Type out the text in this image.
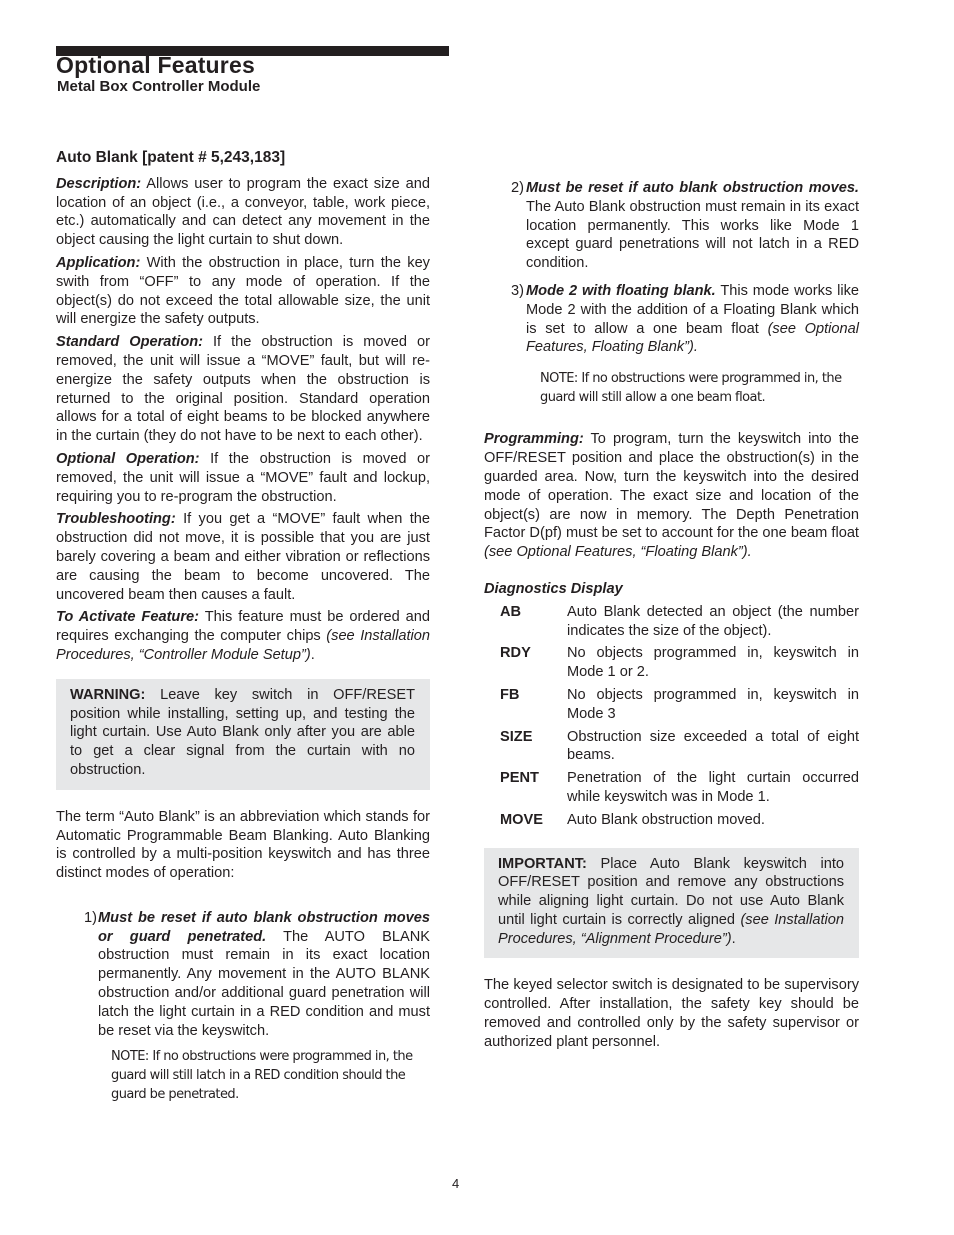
Optional Features
Metal Box Controller Module

Auto Blank [patent # 5,243,183]

Description: Allows user to program the exact size and location of an object (i.e., a conveyor, table, work piece, etc.) automatically and can detect any movement in the object causing the light curtain to shut down.

Application: With the obstruction in place, turn the key swith from “OFF” to any mode of operation. If the object(s) do not exceed the total allowable size, the unit will energize the safety outputs.

Standard Operation: If the obstruction is moved or removed, the unit will issue a “MOVE” fault, but will re-energize the safety outputs when the obstruction is returned to the original position. Standard operation allows for a total of eight beams to be blocked anywhere in the curtain (they do not have to be next to each other).

Optional Operation: If the obstruction is moved or removed, the unit will issue a “MOVE” fault and lockup, requiring you to re-program the obstruction.

Troubleshooting: If you get a “MOVE” fault when the obstruction did not move, it is possible that you are just barely covering a beam and either vibration or reflections are causing the beam to become uncovered. The uncovered beam then causes a fault.

To Activate Feature: This feature must be ordered and requires exchanging the computer chips (see Installation Procedures, “Controller Module Setup”).

WARNING: Leave key switch in OFF/RESET position while installing, setting up, and testing the light curtain. Use Auto Blank only after you are able to get a clear signal from the curtain with no obstruction.

The term “Auto Blank” is an abbreviation which stands for Automatic Programmable Beam Blanking. Auto Blanking is controlled by a multi-position keyswitch and has three distinct modes of operation:

1) Must be reset if auto blank obstruction moves or guard penetrated. The AUTO BLANK obstruction must remain in its exact location permanently. Any movement in the AUTO BLANK obstruction and/or additional guard penetration will latch the light curtain in a RED condition and must be reset via the keyswitch.

NOTE: If no obstructions were programmed in, the guard will still latch in a RED condition should the guard be penetrated.

2) Must be reset if auto blank obstruction moves. The Auto Blank obstruction must remain in its exact location permanently. This works like Mode 1 except guard penetrations will not latch in a RED condition.
3) Mode 2 with floating blank. This mode works like Mode 2 with the addition of a Floating Blank which is set to allow a one beam float (see Optional Features, Floating Blank”).

NOTE: If no obstructions were programmed in, the guard will still allow a one beam float.

Programming: To program, turn the keyswitch into the OFF/RESET position and place the obstruction(s) in the guarded area. Now, turn the keyswitch into the desired mode of operation. The exact size and location of the object(s) are now in memory. The Depth Penetration Factor D(pf) must be set to account for the one beam float (see Optional Features, “Floating Blank”).

Diagnostics Display

AB	Auto Blank detected an object (the number indicates the size of the object).
RDY	No objects programmed in, keyswitch in Mode 1 or 2.
FB	No objects programmed in, keyswitch in Mode 3
SIZE	Obstruction size exceeded a total of eight beams.
PENT	Penetration of the light curtain occurred while keyswitch was in Mode 1.
MOVE	Auto Blank obstruction moved.
IMPORTANT: Place Auto Blank keyswitch into OFF/RESET position and remove any obstructions while aligning light curtain. Do not use Auto Blank until light curtain is correctly aligned (see Installation Procedures, “Alignment Procedure”).

The keyed selector switch is designated to be supervisory controlled. After installation, the safety key should be removed and controlled only by the safety supervisor or authorized plant personnel.

4
